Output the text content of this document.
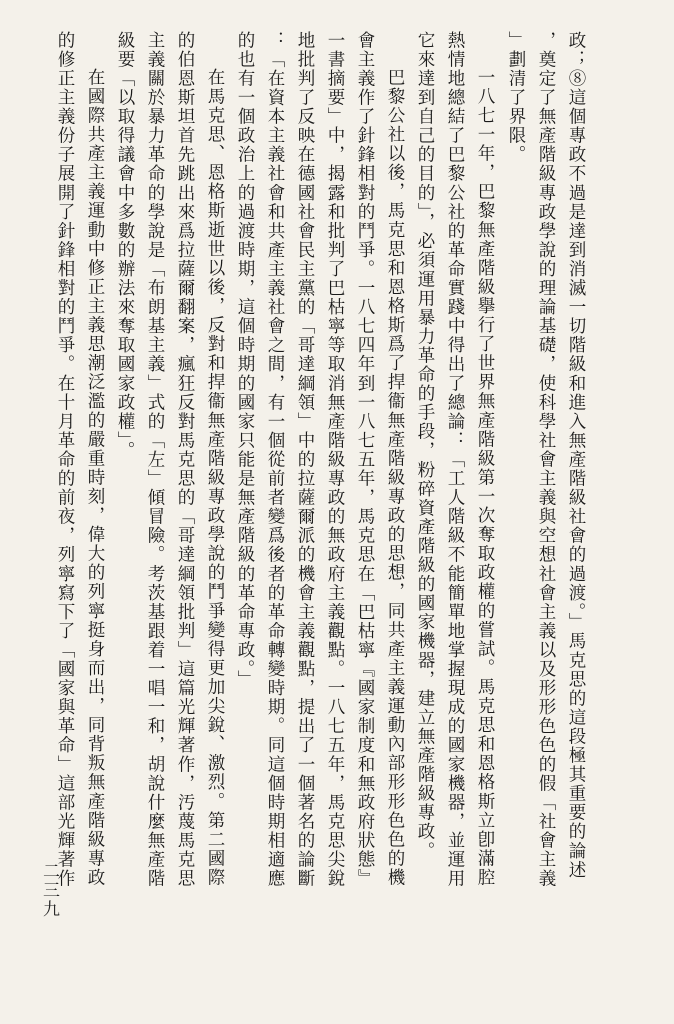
政；⑧這個專政不過是達到消滅一切階級和進入無產階級社會的過渡。」馬克思的這段極其重要的論述
，奠定了無產階級專政學說的理論基礎，使科學社會主義與空想社會主義以及形形色色的假「社會主義
」劃清了界限。
一八七一年，巴黎無產階級擧行了世界無產階級第一次奪取政權的嘗試。馬克思和恩格斯立卽滿腔
熱情地總結了巴黎公社的革命實踐中得出了總論：「工人階級不能簡單地掌握現成的國家機器，並運用
它來達到自己的目的」，必須運用暴力革命的手段，粉碎資產階級的國家機器，建立無產階級專政。
巴黎公社以後，馬克思和恩格斯爲了捍衞無產階級專政的思想，同共產主義運動內部形形色色的機
會主義作了針鋒相對的鬥爭。一八七四年到一八七五年，馬克思在「巴枯寧『國家制度和無政府狀態』
一書摘要」中，揭露和批判了巴枯寧等取消無產階級專政的無政府主義觀點。一八七五年，馬克思尖銳
地批判了反映在德國社會民主黨的「哥達綱領」中的拉薩爾派的機會主義觀點，提出了一個著名的論斷
：「在資本主義社會和共產主義社會之間，有一個從前者變爲後者的革命轉變時期。同這個時期相適應
的也有一個政治上的過渡時期，這個時期的國家只能是無產階級的革命專政。」
在馬克思、恩格斯逝世以後，反對和捍衞無產階級專政學說的鬥爭變得更加尖銳、激烈。第二國際
的伯恩斯坦首先跳出來爲拉薩爾翻案，瘋狂反對馬克思的「哥達綱領批判」這篇光輝著作，汚蔑馬克思
主義關於暴力革命的學說是「布朗基主義」式的「左」傾冒險。考茨基跟着一唱一和，胡說什麼無產階
級要「以取得議會中多數的辦法來奪取國家政權」。
在國際共產主義運動中修正主義思潮泛濫的嚴重時刻，偉大的列寧挺身而出，同背叛無產階級專政
的修正主義份子展開了針鋒相對的鬥爭。在十月革命的前夜，列寧寫下了「國家與革命」這部光輝著作
二三九
